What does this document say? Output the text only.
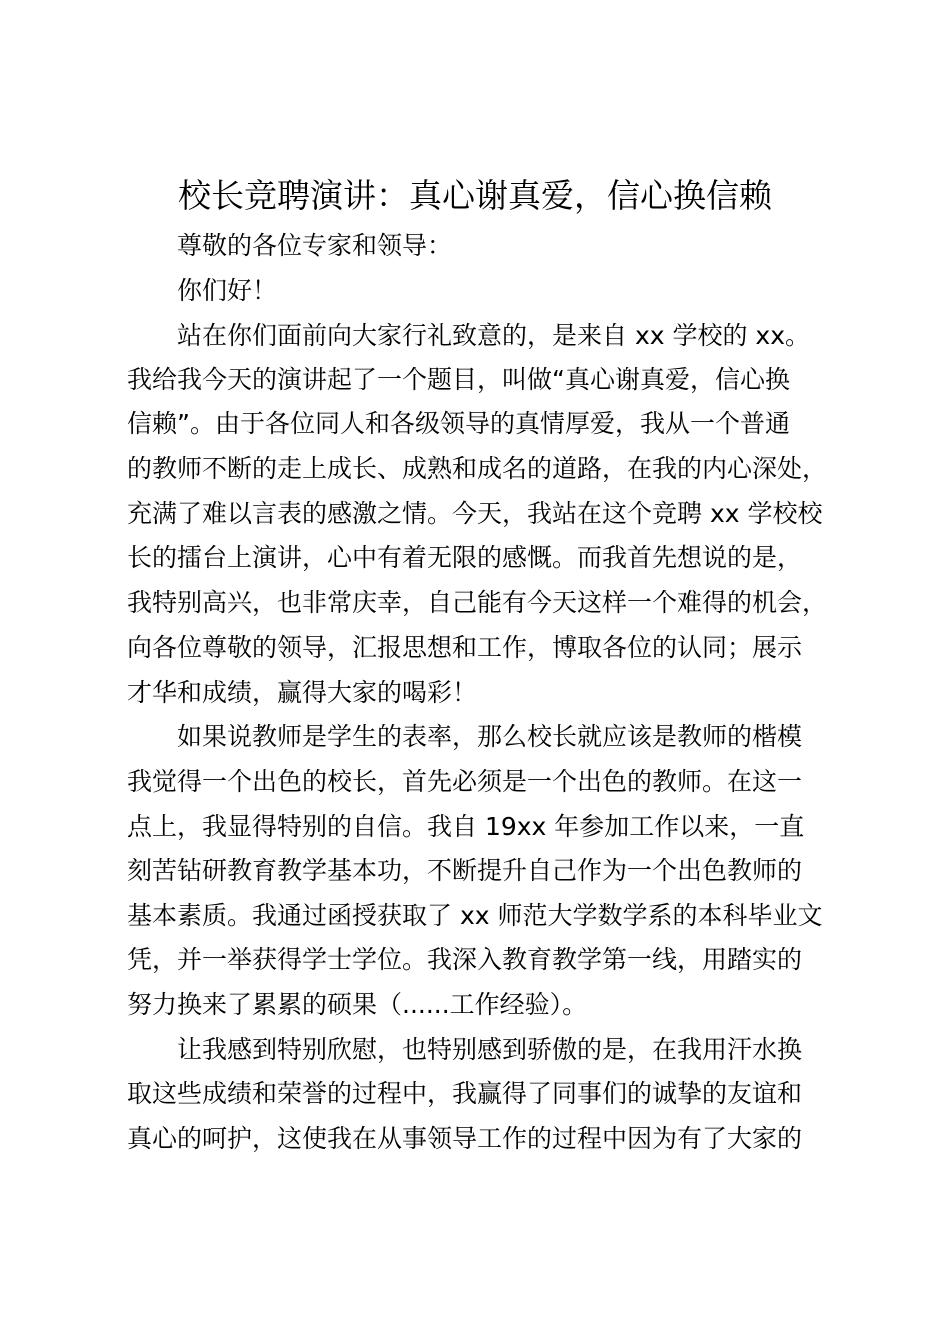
校长竞聘演讲：真心谢真爱，信心换信赖
尊敬的各位专家和领导：
你们好！
站在你们面前向大家行礼致意的，是来自 xx 学校的 xx。
我给我今天的演讲起了一个题目，叫做“真心谢真爱，信心换
信赖”。由于各位同人和各级领导的真情厚爱，我从一个普通
的教师不断的走上成长、成熟和成名的道路，在我的内心深处，
充满了难以言表的感激之情。今天，我站在这个竞聘 xx 学校校
长的擂台上演讲，心中有着无限的感慨。而我首先想说的是，
我特别高兴，也非常庆幸，自己能有今天这样一个难得的机会，
向各位尊敬的领导，汇报思想和工作，博取各位的认同；展示
才华和成绩，赢得大家的喝彩！
如果说教师是学生的表率，那么校长就应该是教师的楷模
我觉得一个出色的校长，首先必须是一个出色的教师。在这一
点上，我显得特别的自信。我自 19xx 年参加工作以来，一直
刻苦钻研教育教学基本功，不断提升自己作为一个出色教师的
基本素质。我通过函授获取了 xx 师范大学数学系的本科毕业文
凭，并一举获得学士学位。我深入教育教学第一线，用踏实的
努力换来了累累的硕果（......工作经验）。
让我感到特别欣慰，也特别感到骄傲的是，在我用汗水换
取这些成绩和荣誉的过程中，我赢得了同事们的诚挚的友谊和
真心的呵护，这使我在从事领导工作的过程中因为有了大家的
